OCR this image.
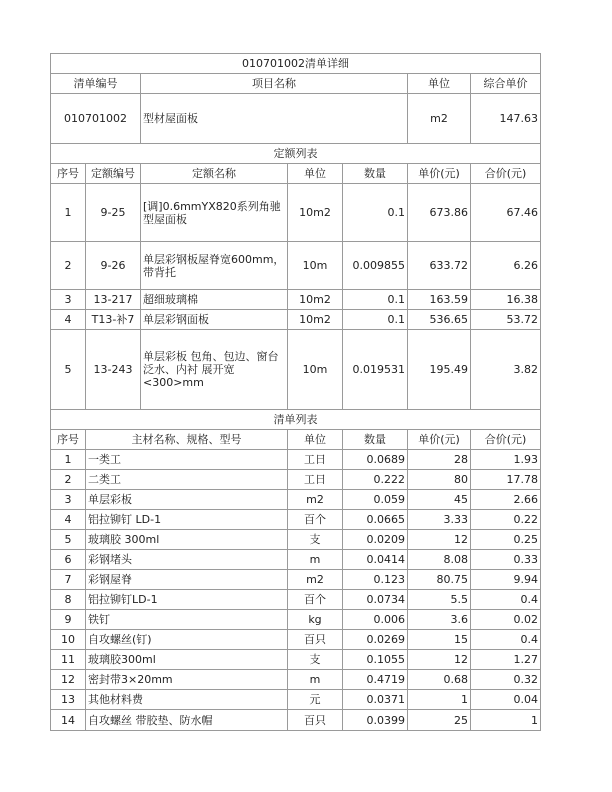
010701002清单详细						
清单编号		项目名称			单位	综合单价
010701002		型材屋面板			m2	147.63
定额列表						
序号	定额编号	定额名称	单位	数量	单价(元)	合价(元)
1	9-25	[调]0.6mmYX820系列角驰型屋面板	10m2	0.1	673.86	67.46
2	9-26	单层彩钢板屋脊宽600mm，带背托	10m	0.009855	633.72	6.26
3	13-217	超细玻璃棉	10m2	0.1	163.59	16.38
4	T13-补7	单层彩钢面板	10m2	0.1	536.65	53.72
5	13-243	单层彩板 包角、包边、窗台泛水、内衬 展开宽<300>mm	10m	0.019531	195.49	3.82
清单列表						
序号	主材名称、规格、型号		单位	数量	单价(元)	合价(元)
1	一类工		工日	0.0689	28	1.93
2	二类工		工日	0.222	80	17.78
3	单层彩板		m2	0.059	45	2.66
4	铝拉铆钉 LD-1		百个	0.0665	3.33	0.22
5	玻璃胶 300ml		支	0.0209	12	0.25
6	彩钢堵头		m	0.0414	8.08	0.33
7	彩钢屋脊		m2	0.123	80.75	9.94
8	铝拉铆钉LD-1		百个	0.0734	5.5	0.4
9	铁钉		kg	0.006	3.6	0.02
10	自攻螺丝(钉)		百只	0.0269	15	0.4
11	玻璃胶300ml		支	0.1055	12	1.27
12	密封带3×20mm		m	0.4719	0.68	0.32
13	其他材料费		元	0.0371	1	0.04
14	自攻螺丝 带胶垫、防水帽		百只	0.0399	25	1
